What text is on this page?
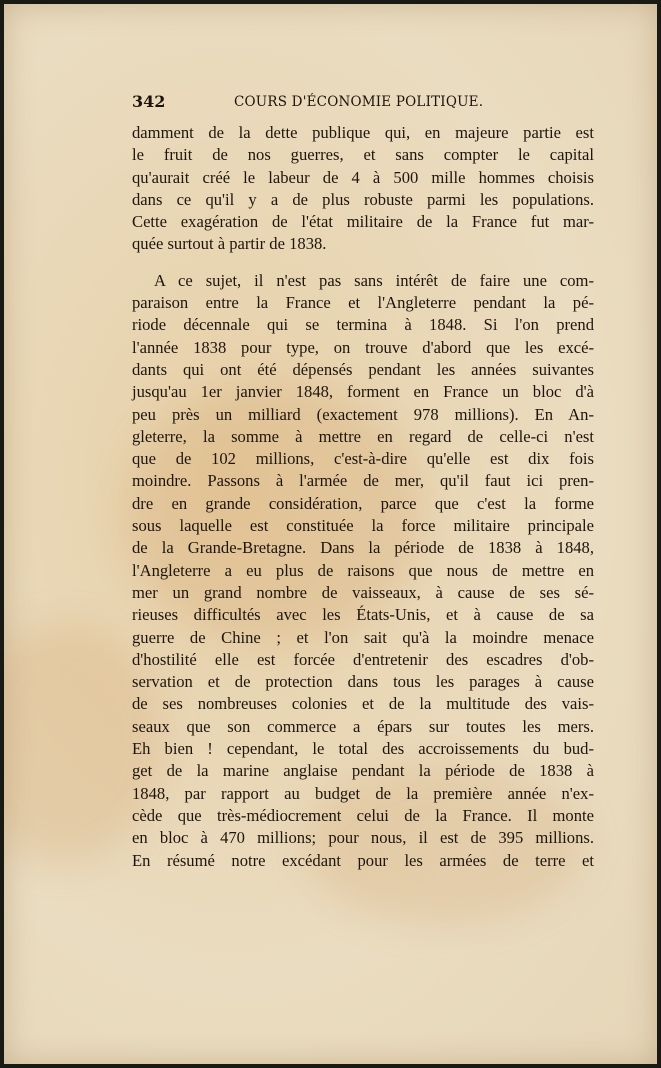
342	COURS D'ÉCONOMIE POLITIQUE.
damment de la dette publique qui, en majeure partie est
le fruit de nos guerres, et sans compter le capital
qu'aurait créé le labeur de 4 à 500 mille hommes choisis
dans ce qu'il y a de plus robuste parmi les populations.
Cette exagération de l'état militaire de la France fut mar-
quée surtout à partir de 1838.
A ce sujet, il n'est pas sans intérêt de faire une com-
paraison entre la France et l'Angleterre pendant la pé-
riode décennale qui se termina à 1848. Si l'on prend
l'année 1838 pour type, on trouve d'abord que les excé-
dants qui ont été dépensés pendant les années suivantes
jusqu'au 1er janvier 1848, forment en France un bloc d'à
peu près un milliard (exactement 978 millions). En An-
gleterre, la somme à mettre en regard de celle-ci n'est
que de 102 millions, c'est-à-dire qu'elle est dix fois
moindre. Passons à l'armée de mer, qu'il faut ici pren-
dre en grande considération, parce que c'est la forme
sous laquelle est constituée la force militaire principale
de la Grande-Bretagne. Dans la période de 1838 à 1848,
l'Angleterre a eu plus de raisons que nous de mettre en
mer un grand nombre de vaisseaux, à cause de ses sé-
rieuses difficultés avec les États-Unis, et à cause de sa
guerre de Chine ; et l'on sait qu'à la moindre menace
d'hostilité elle est forcée d'entretenir des escadres d'ob-
servation et de protection dans tous les parages à cause
de ses nombreuses colonies et de la multitude des vais-
seaux que son commerce a épars sur toutes les mers.
Eh bien ! cependant, le total des accroissements du bud-
get de la marine anglaise pendant la période de 1838 à
1848, par rapport au budget de la première année n'ex-
cède que très-médiocrement celui de la France. Il monte
en bloc à 470 millions; pour nous, il est de 395 millions.
En résumé notre excédant pour les armées de terre et
